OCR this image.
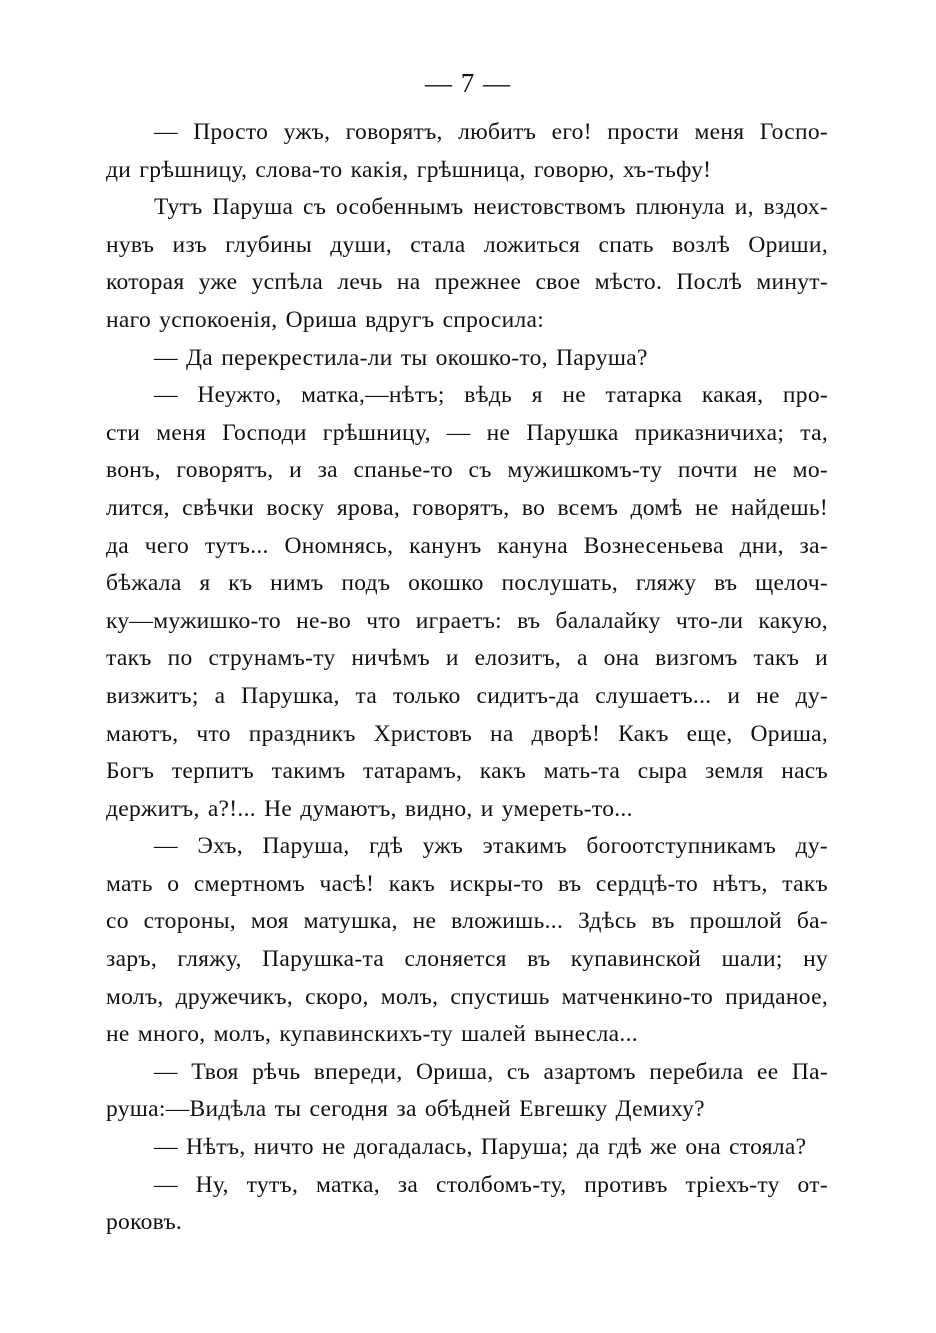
— 7 —
— Просто ужъ, говорятъ, любитъ его! прости меня Госпо-
ди грѣшницу, слова-то какія, грѣшница, говорю, хъ-тьфу!
Тутъ Паруша съ особеннымъ неистовствомъ плюнула и, вздох-
нувъ изъ глубины души, стала ложиться спать возлѣ Ориши,
которая уже успѣла лечь на прежнее свое мѣсто. Послѣ минут-
наго успокоенія, Ориша вдругъ спросила:
— Да перекрестила-ли ты окошко-то, Паруша?
— Неужто, матка,—нѣтъ; вѣдь я не татарка какая, про-
сти меня Господи грѣшницу, — не Парушка приказничиха; та,
вонъ, говорятъ, и за спанье-то съ мужишкомъ-ту почти не мо-
лится, свѣчки воску ярова, говорятъ, во всемъ домѣ не найдешь!
да чего тутъ... Ономнясь, канунъ кануна Вознесеньева дни, за-
бѣжала я къ нимъ подъ окошко послушать, гляжу въ щелоч-
ку—мужишко-то не-во что играетъ: въ балалайку что-ли какую,
такъ по струнамъ-ту ничѣмъ и елозитъ, а она визгомъ такъ и
визжитъ; а Парушка, та только сидитъ-да слушаетъ... и не ду-
маютъ, что праздникъ Христовъ на дворѣ! Какъ еще, Ориша,
Богъ терпитъ такимъ татарамъ, какъ мать-та сыра земля насъ
держитъ, а?!... Не думаютъ, видно, и умереть-то...
— Эхъ, Паруша, гдѣ ужъ этакимъ богоотступникамъ ду-
мать о смертномъ часѣ! какъ искры-то въ сердцѣ-то нѣтъ, такъ
со стороны, моя матушка, не вложишь... Здѣсь въ прошлой ба-
заръ, гляжу, Парушка-та слоняется въ купавинской шали; ну
молъ, дружечикъ, скоро, молъ, спустишь матченкино-то приданое,
не много, молъ, купавинскихъ-ту шалей вынесла...
— Твоя рѣчь впереди, Ориша, съ азартомъ перебила ее Па-
руша:—Видѣла ты сегодня за обѣдней Евгешку Демиху?
— Нѣтъ, ничто не догадалась, Паруша; да гдѣ же она стояла?
— Ну, тутъ, матка, за столбомъ-ту, противъ тріехъ-ту от-
роковъ.
